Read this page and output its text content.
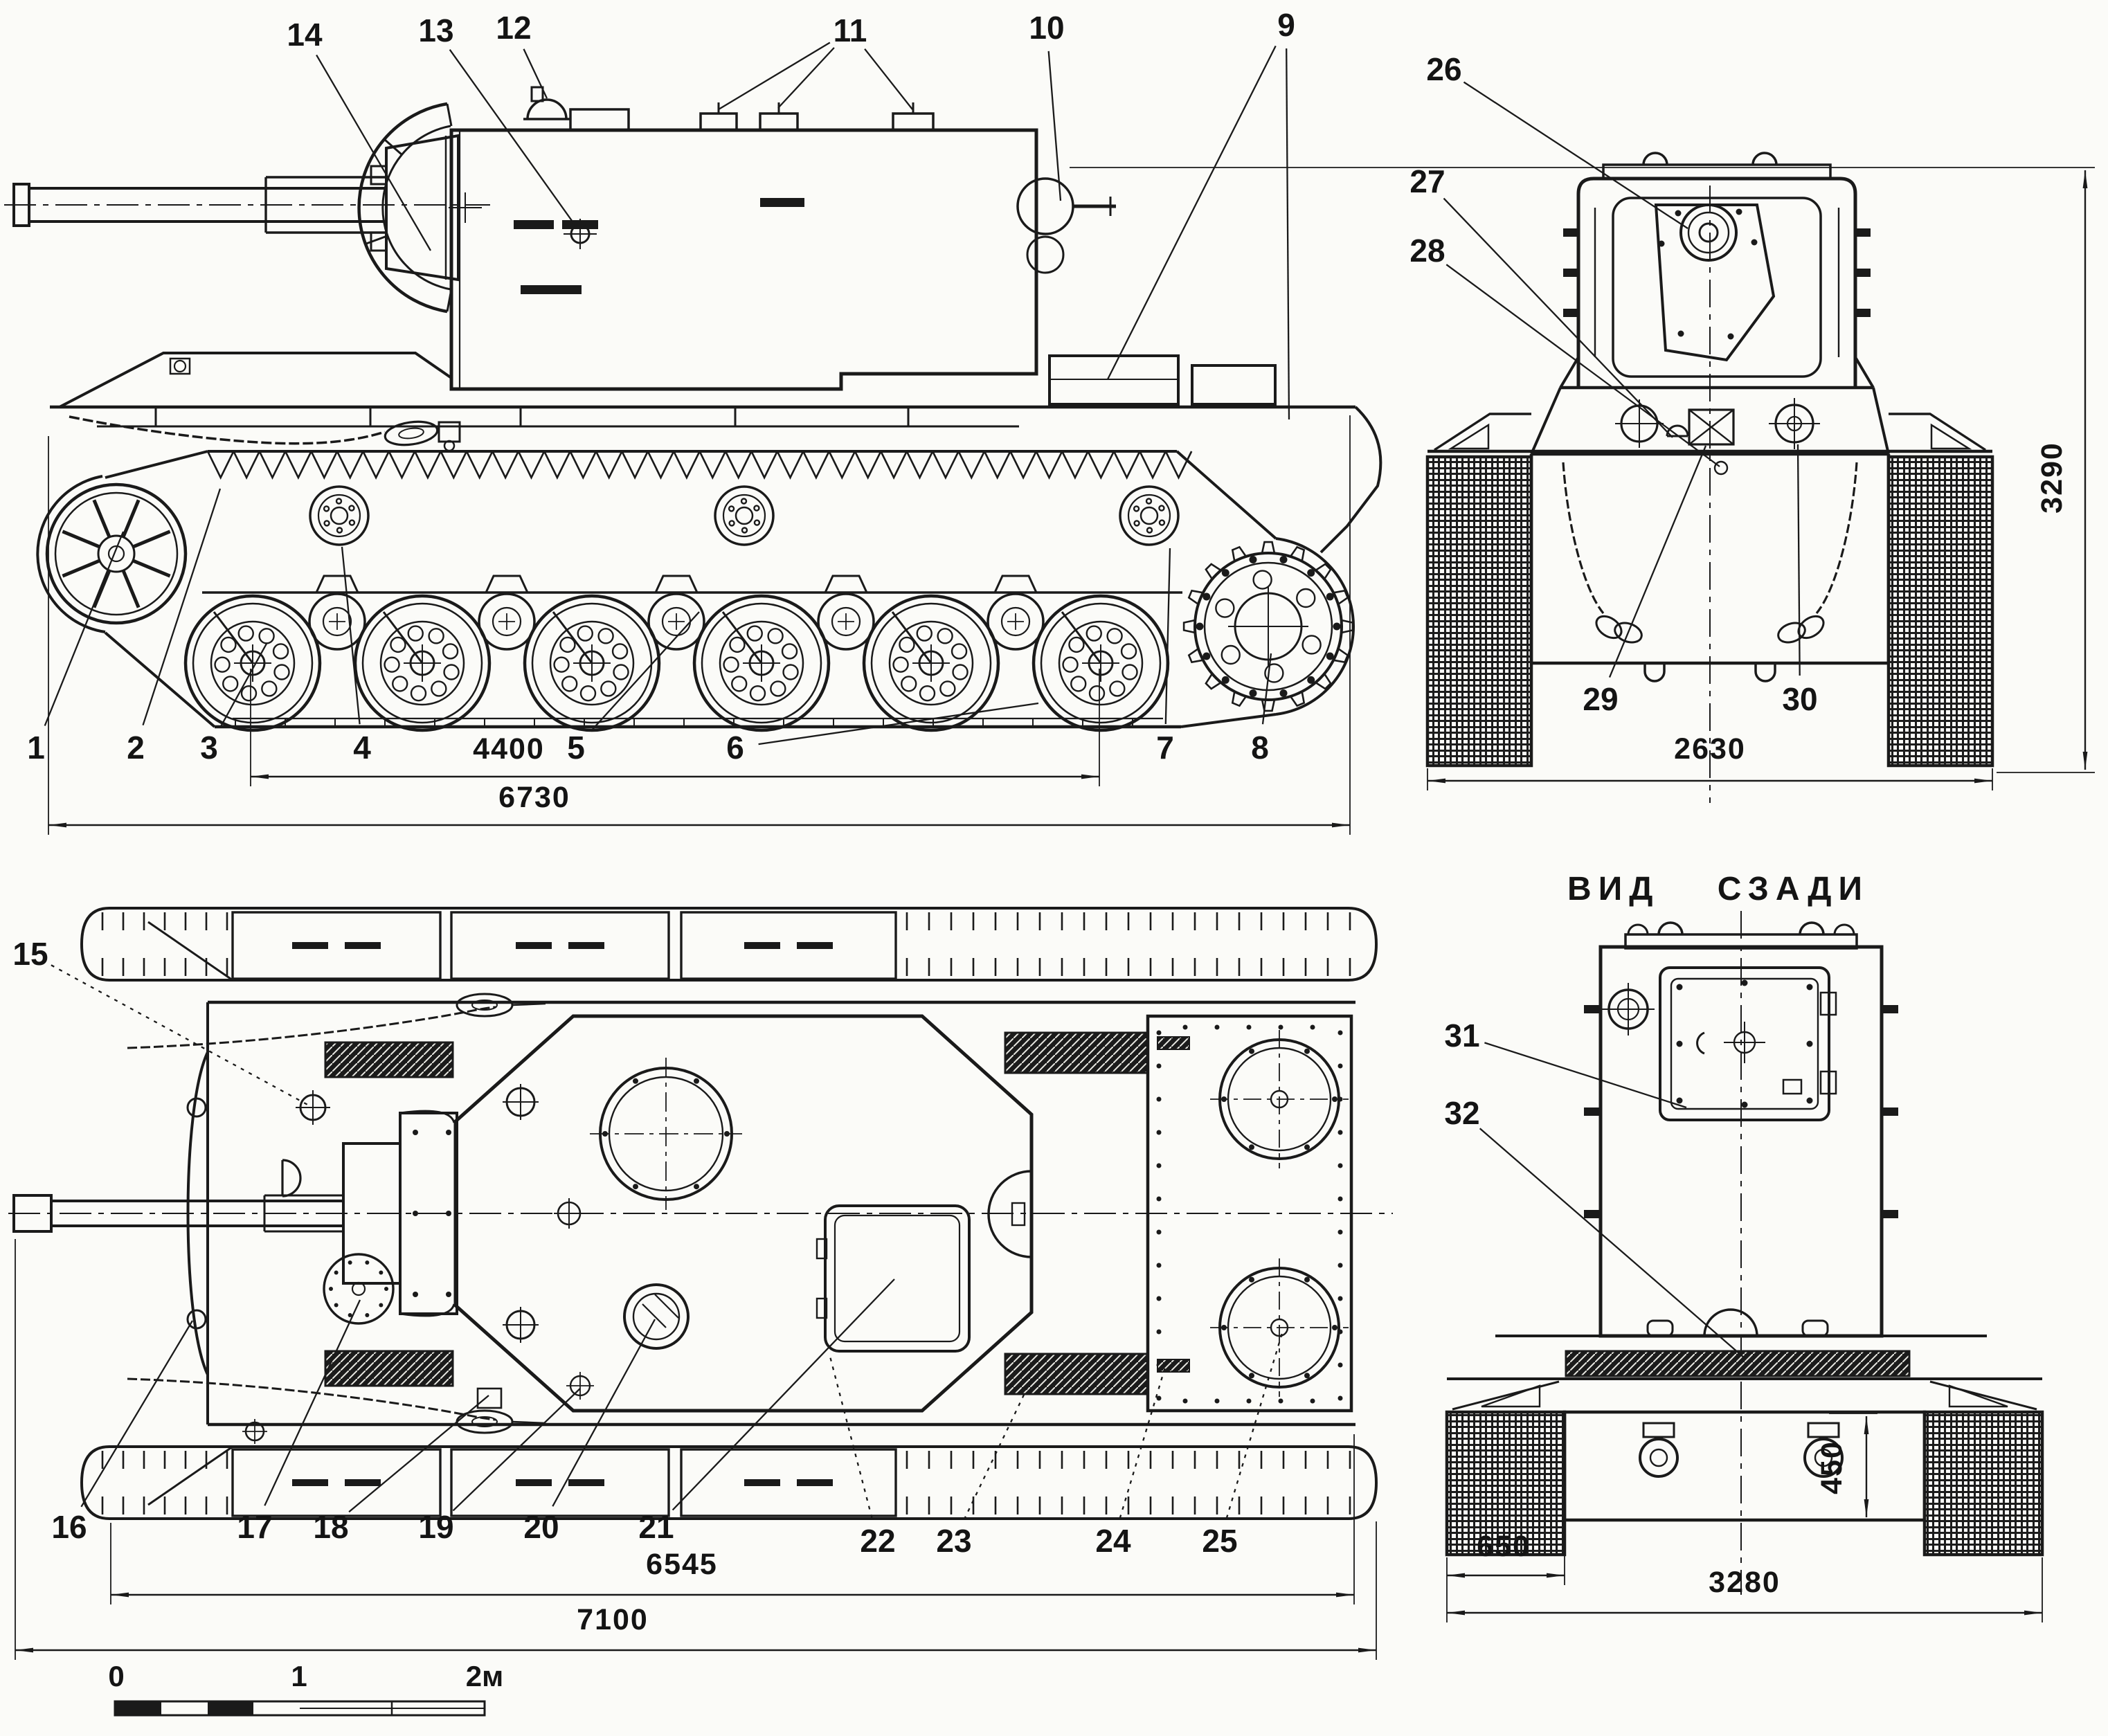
ВИД СЗАДИ
1	2 3	4	5	6	7 8
9
10
11
12
13
14
15
16	17 18 19 20 21	22 23	24 25
26
27
28
29	30
31
32
4400
6730
2630
3290
6545
7100
650
3280
450
0	1	2м
